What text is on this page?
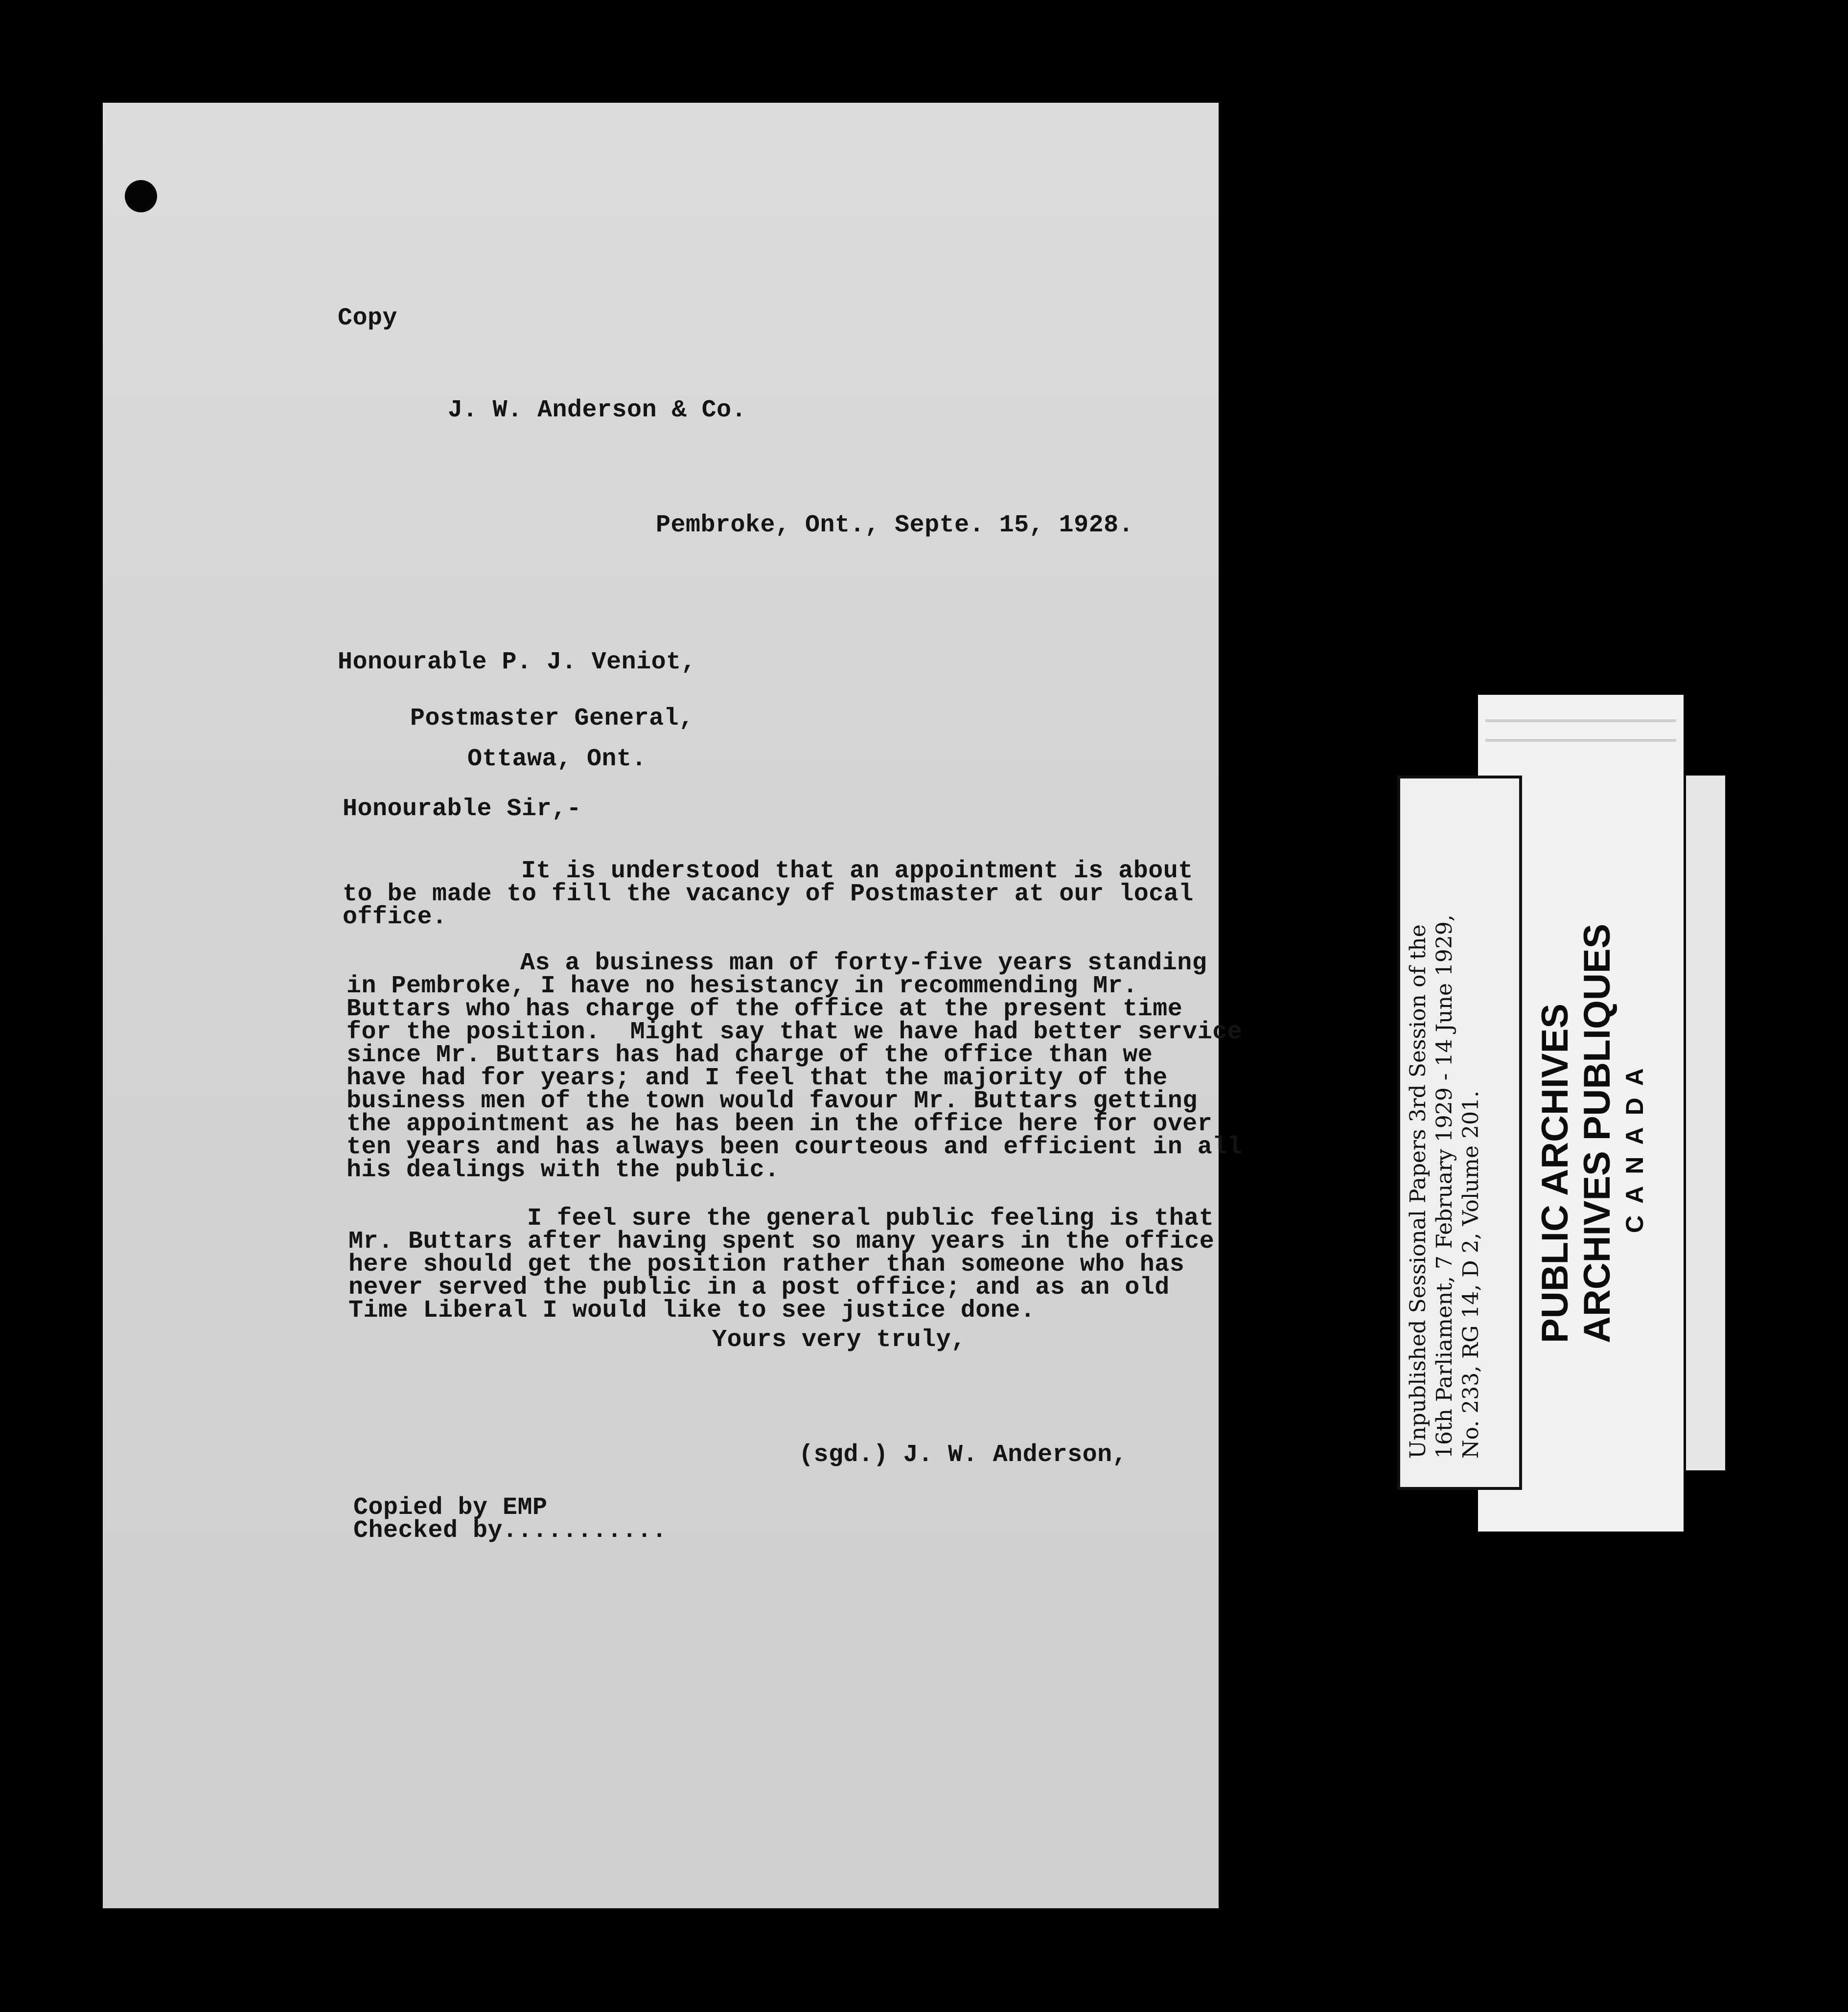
Copy
J. W. Anderson & Co.
Pembroke, Ont., Septe. 15, 1928.
Honourable P. J. Veniot,
Postmaster General,
Ottawa, Ont.
Honourable Sir,-

It is understood that an appointment is about
to be made to fill the vacancy of Postmaster at our local
office.

As a business man of forty-five years standing
in Pembroke, I have no hesistancy in recommending Mr.
Buttars who has charge of the office at the present time
for the position.  Might say that we have had better service
since Mr. Buttars has had charge of the office than we
have had for years; and I feel that the majority of the
business men of the town would favour Mr. Buttars getting
the appointment as he has been in the office here for over
ten years and has always been courteous and efficient in all
his dealings with the public.

I feel sure the general public feeling is that
Mr. Buttars after having spent so many years in the office
here should get the position rather than someone who has
never served the public in a post office; and as an old
Time Liberal I would like to see justice done.

Yours very truly,
(sgd.) J. W. Anderson,
Copied by EMP
Checked by...........
Unpublished Sessional Papers 3rd Session of the 16th Parliament, 7 February 1929 - 14 June 1929, No. 233, RG 14, D 2, Volume 201. PUBLIC ARCHIVES ARCHIVES PUBLIQUES C A N A D A
